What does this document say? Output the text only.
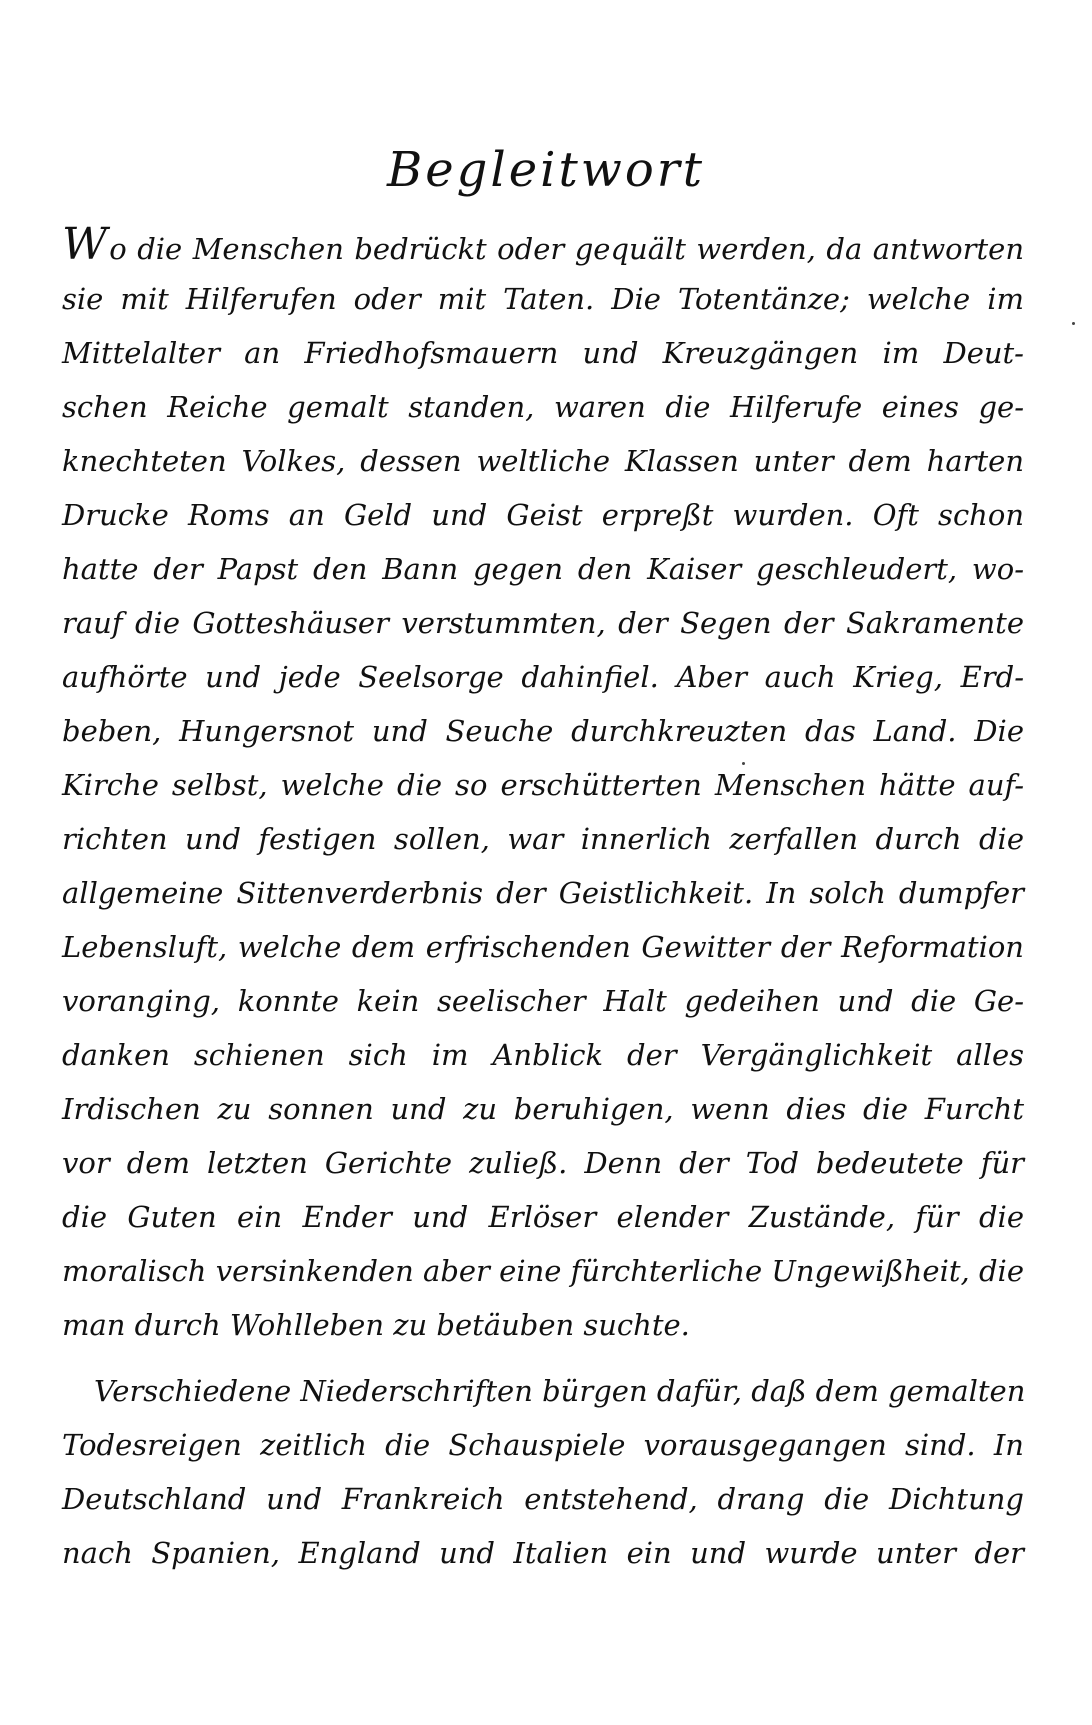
Begleitwort
Wo die Menschen bedrückt oder gequält werden, da antworten
sie mit Hilferufen oder mit Taten. Die Totentänze; welche im
Mittelalter an Friedhofsmauern und Kreuzgängen im Deut-
schen Reiche gemalt standen, waren die Hilferufe eines ge-
knechteten Volkes, dessen weltliche Klassen unter dem harten
Drucke Roms an Geld und Geist erpreßt wurden. Oft schon
hatte der Papst den Bann gegen den Kaiser geschleudert, wo-
rauf die Gotteshäuser verstummten, der Segen der Sakramente
aufhörte und jede Seelsorge dahinfiel. Aber auch Krieg, Erd-
beben, Hungersnot und Seuche durchkreuzten das Land. Die
Kirche selbst, welche die so erschütterten Menschen hätte auf-
richten und festigen sollen, war innerlich zerfallen durch die
allgemeine Sittenverderbnis der Geistlichkeit. In solch dumpfer
Lebensluft, welche dem erfrischenden Gewitter der Reformation
voranging, konnte kein seelischer Halt gedeihen und die Ge-
danken schienen sich im Anblick der Vergänglichkeit alles
Irdischen zu sonnen und zu beruhigen, wenn dies die Furcht
vor dem letzten Gerichte zuließ. Denn der Tod bedeutete für
die Guten ein Ender und Erlöser elender Zustände, für die
moralisch versinkenden aber eine fürchterliche Ungewißheit, die
man durch Wohlleben zu betäuben suchte.
Verschiedene Niederschriften bürgen dafür, daß dem gemalten
Todesreigen zeitlich die Schauspiele vorausgegangen sind. In
Deutschland und Frankreich entstehend, drang die Dichtung
nach Spanien, England und Italien ein und wurde unter der
